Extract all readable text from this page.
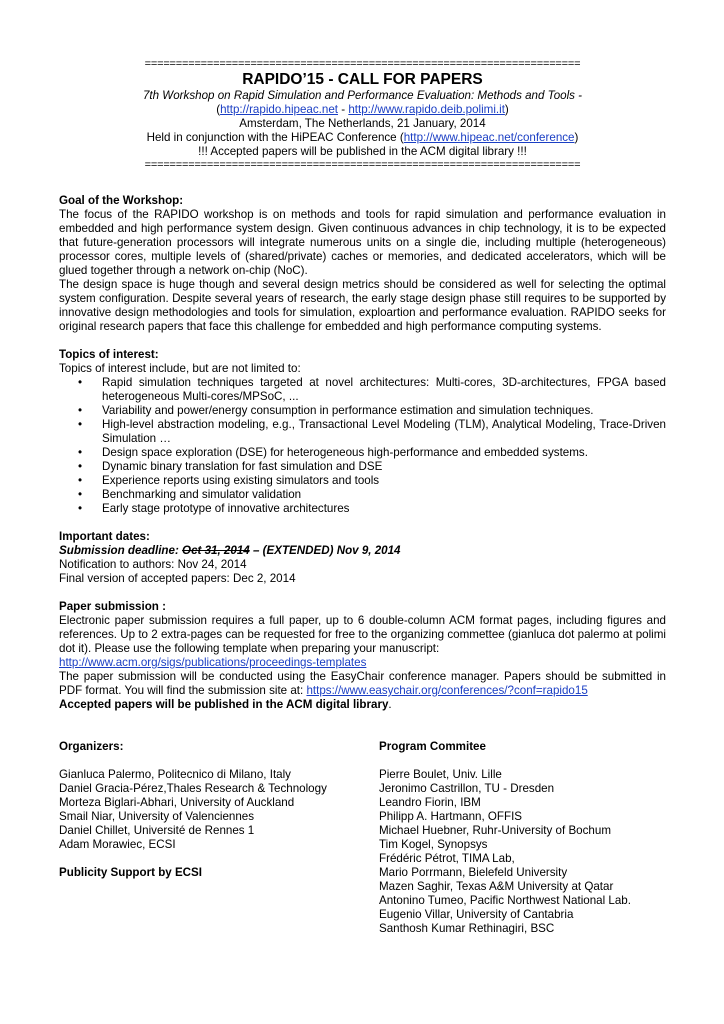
======================================================================
RAPIDO’15 - CALL FOR PAPERS
7th Workshop on Rapid Simulation and Performance Evaluation: Methods and Tools -
(http://rapido.hipeac.net - http://www.rapido.deib.polimi.it)
Amsterdam, The Netherlands, 21 January, 2014
Held in conjunction with the HiPEAC Conference (http://www.hipeac.net/conference)
!!! Accepted papers will be published in the ACM digital library !!!
======================================================================
Goal of the Workshop:

The focus of the RAPIDO workshop is on methods and tools for rapid simulation and performance evaluation in embedded and high performance system design. Given continuous advances in chip technology, it is to be expected that future-generation processors will integrate numerous units on a single die, including multiple (heterogeneous) processor cores, multiple levels of (shared/private) caches or memories, and dedicated accelerators, which will be glued together through a network on-chip (NoC).

The design space is huge though and several design metrics should be considered as well for selecting the optimal system configuration. Despite several years of research, the early stage design phase still requires to be supported by innovative design methodologies and tools for simulation, exploartion and performance evaluation. RAPIDO seeks for original research papers that face this challenge for embedded and high performance computing systems.

Topics of interest:

Topics of interest include, but are not limited to:

• Rapid simulation techniques targeted at novel architectures: Multi-cores, 3D-architectures, FPGA based heterogeneous Multi-cores/MPSoC, ...
• Variability and power/energy consumption in performance estimation and simulation techniques.
• High-level abstraction modeling, e.g., Transactional Level Modeling (TLM), Analytical Modeling, Trace-Driven Simulation …
• Design space exploration (DSE) for heterogeneous high-performance and embedded systems.
• Dynamic binary translation for fast simulation and DSE
• Experience reports using existing simulators and tools
• Benchmarking and simulator validation
• Early stage prototype of innovative architectures
Important dates:

Submission deadline: Oct 31, 2014 – (EXTENDED) Nov 9, 2014

Notification to authors: Nov 24, 2014

Final version of accepted papers: Dec 2, 2014

Paper submission :

Electronic paper submission requires a full paper, up to 6 double-column ACM format pages, including figures and references. Up to 2 extra-pages can be requested for free to the organizing commettee (gianluca dot palermo at polimi dot it). Please use the following template when preparing your manuscript:

http://www.acm.org/sigs/publications/proceedings-templates

The paper submission will be conducted using the EasyChair conference manager. Papers should be submitted in PDF format. You will find the submission site at: https://www.easychair.org/conferences/?conf=rapido15

Accepted papers will be published in the ACM digital library.

Organizers:

Gianluca Palermo, Politecnico di Milano, Italy

Daniel Gracia-Pérez,Thales Research & Technology

Morteza Biglari-Abhari, University of Auckland

Smail Niar, University of Valenciennes

Daniel Chillet, Université de Rennes 1

Adam Morawiec, ECSI

Publicity Support by ECSI

Program Commitee

Pierre Boulet, Univ. Lille

Jeronimo Castrillon, TU - Dresden

Leandro Fiorin, IBM

Philipp A. Hartmann, OFFIS

Michael Huebner, Ruhr-University of Bochum

Tim Kogel, Synopsys

Frédéric Pétrot, TIMA Lab,

Mario Porrmann, Bielefeld University

Mazen Saghir, Texas A&M University at Qatar

Antonino Tumeo, Pacific Northwest National Lab.

Eugenio Villar, University of Cantabria

Santhosh Kumar Rethinagiri, BSC
